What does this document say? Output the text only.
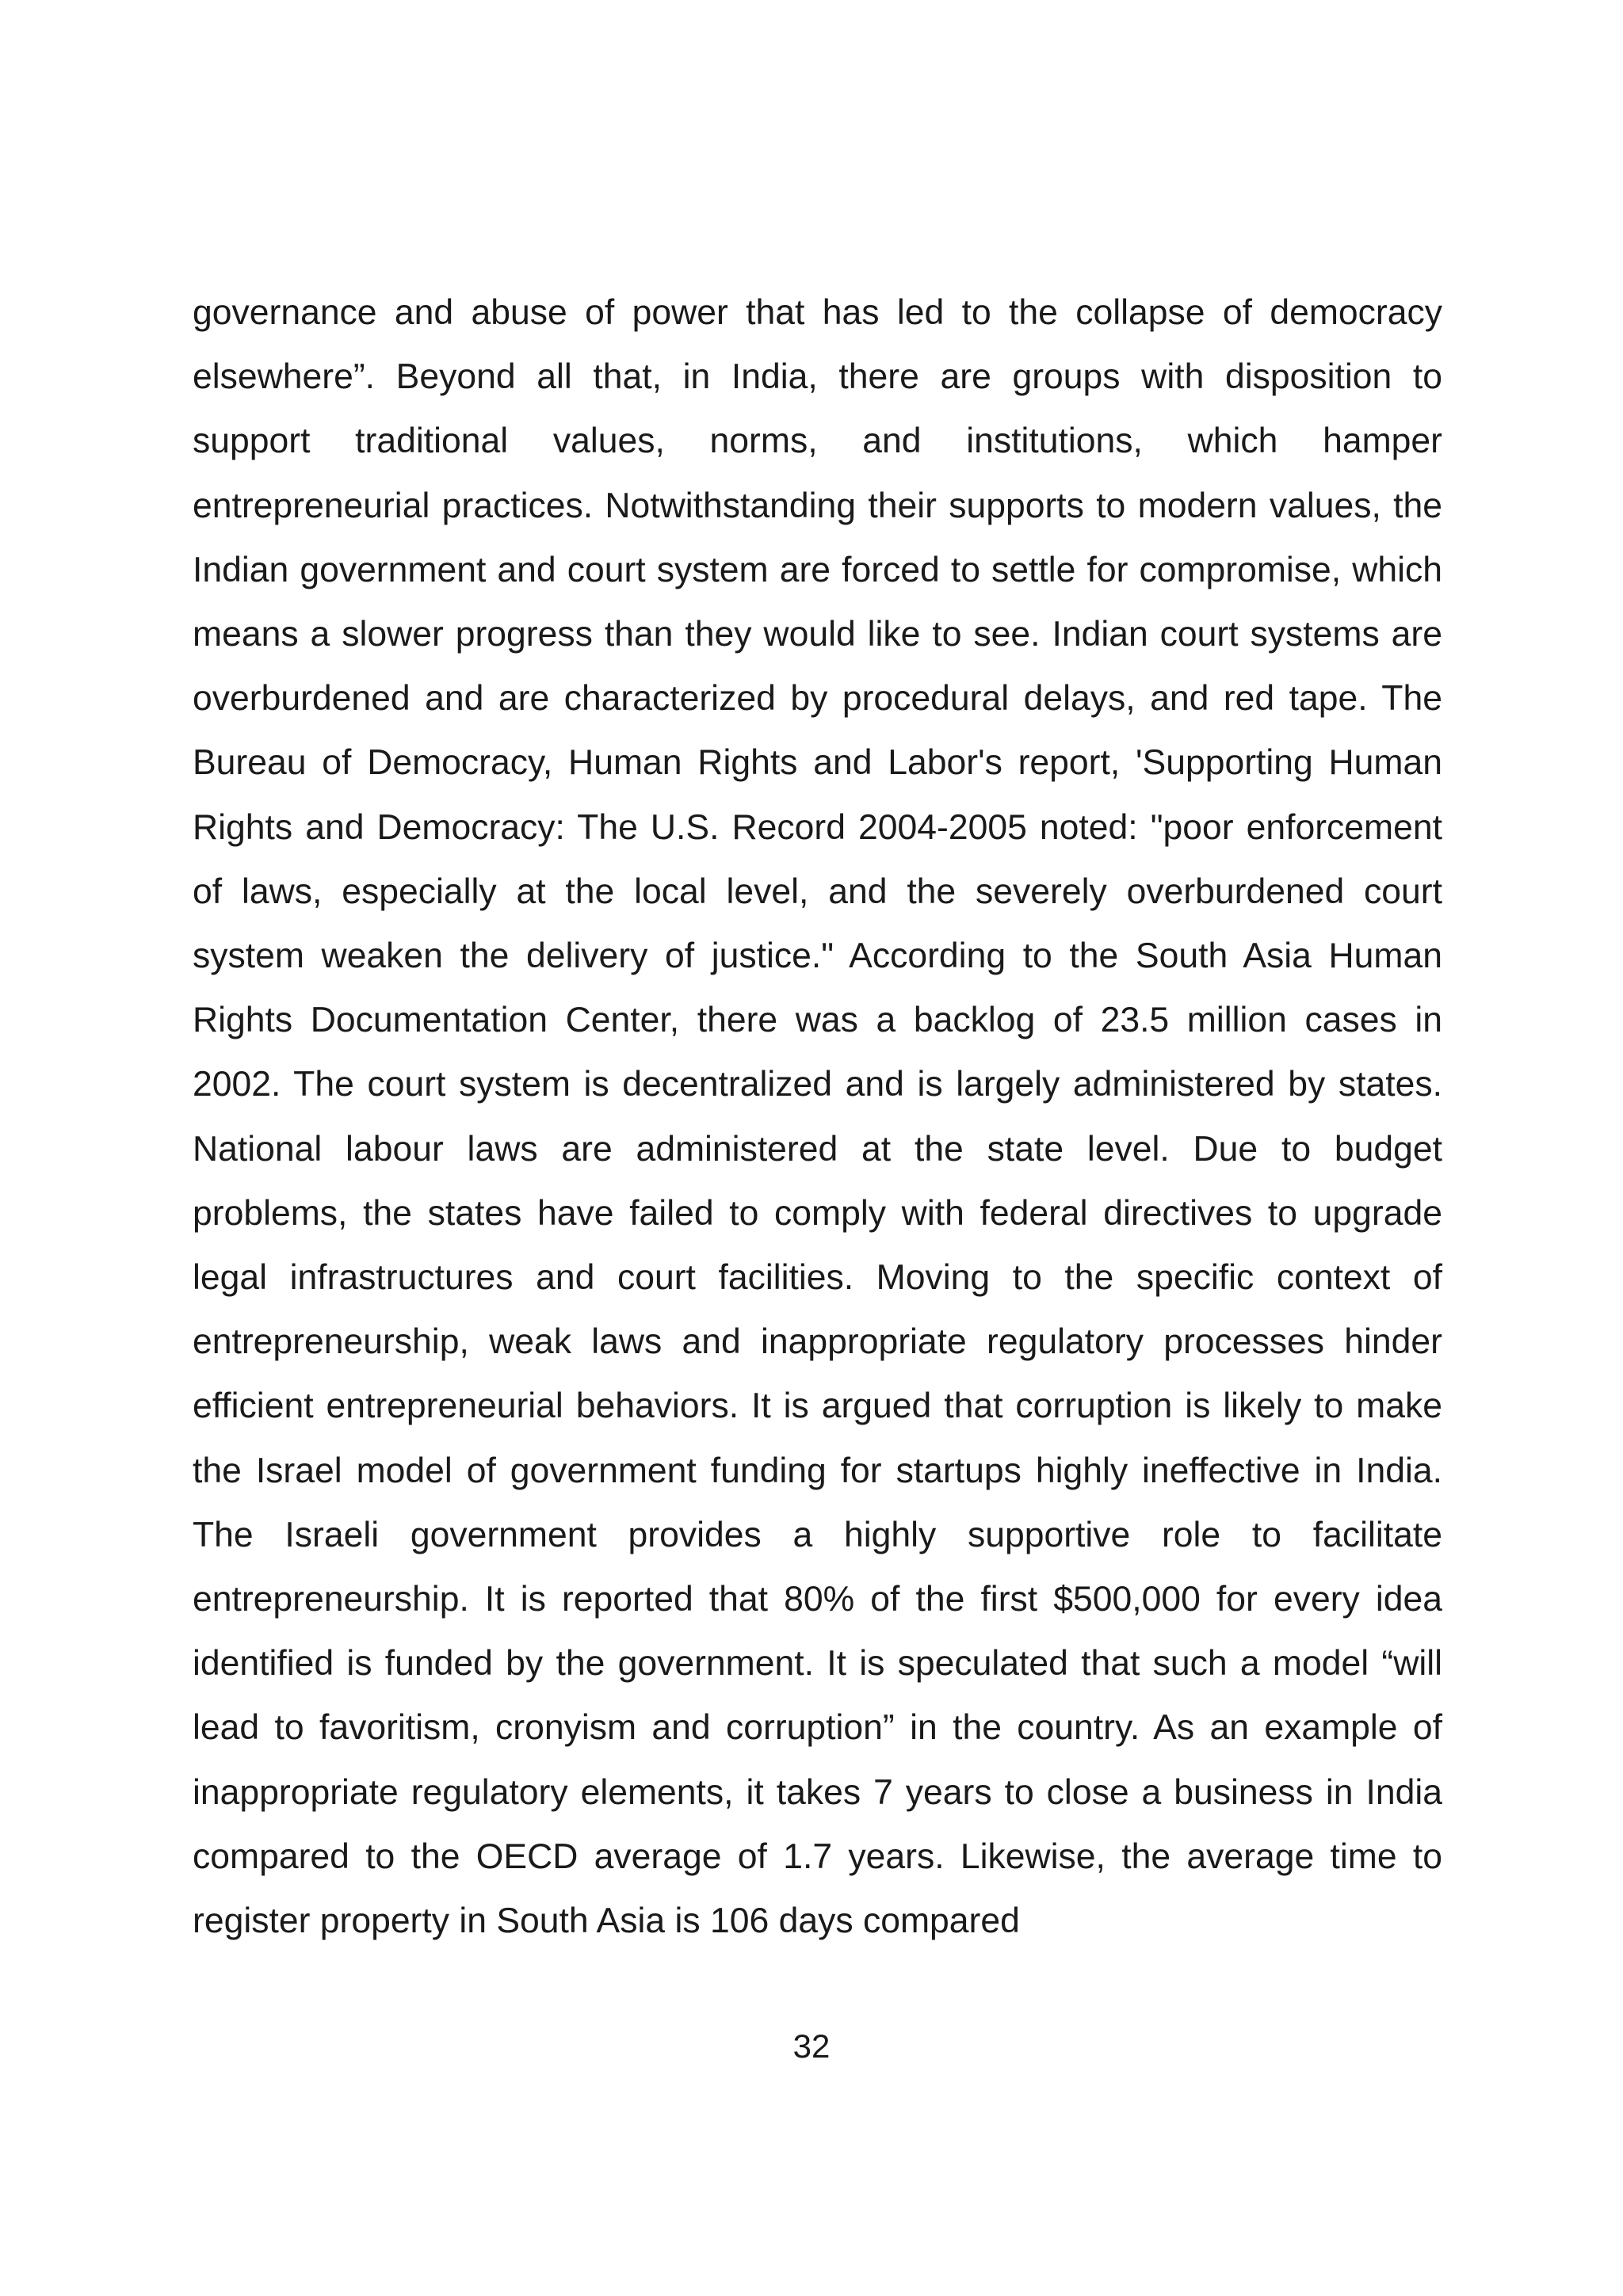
governance and abuse of power that has led to the collapse of democracy elsewhere”. Beyond all that, in India, there are groups with disposition to support traditional values, norms, and institutions, which hamper entrepreneurial practices. Notwithstanding their supports to modern values, the Indian government and court system are forced to settle for compromise, which means a slower progress than they would like to see. Indian court systems are overburdened and are characterized by procedural delays, and red tape. The Bureau of Democracy, Human Rights and Labor's report, 'Supporting Human Rights and Democracy: The U.S. Record 2004-2005 noted: "poor enforcement of laws, especially at the local level, and the severely overburdened court system weaken the delivery of justice." According to the South Asia Human Rights Documentation Center, there was a backlog of 23.5 million cases in 2002. The court system is decentralized and is largely administered by states. National labour laws are administered at the state level. Due to budget problems, the states have failed to comply with federal directives to upgrade legal infrastructures and court facilities. Moving to the specific context of entrepreneurship, weak laws and inappropriate regulatory processes hinder efficient entrepreneurial behaviors. It is argued that corruption is likely to make the Israel model of government funding for startups highly ineffective in India. The Israeli government provides a highly supportive role to facilitate entrepreneurship. It is reported that 80% of the first $500,000 for every idea identified is funded by the government. It is speculated that such a model “will lead to favoritism, cronyism and corruption” in the country. As an example of inappropriate regulatory elements, it takes 7 years to close a business in India compared to the OECD average of 1.7 years. Likewise, the average time to register property in South Asia is 106 days compared

32
